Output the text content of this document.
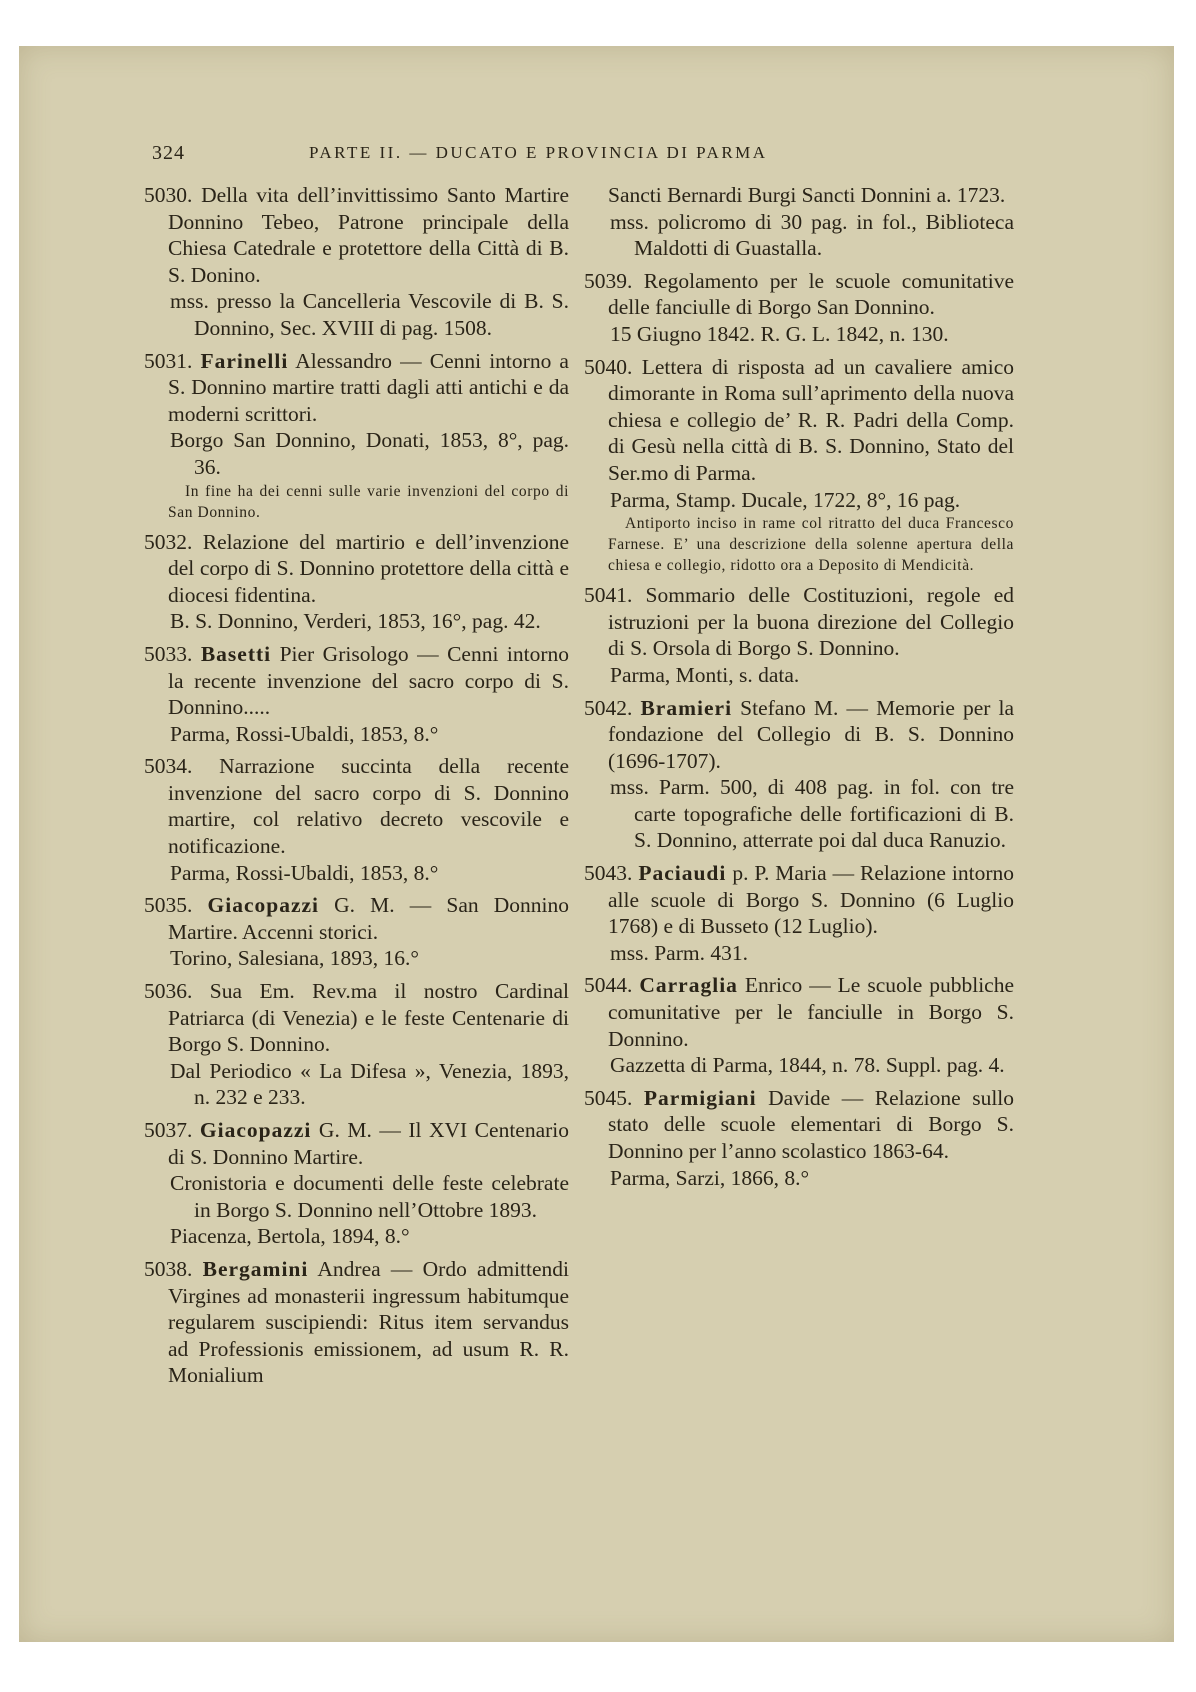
324	PARTE II. — DUCATO E PROVINCIA DI PARMA
5030. Della vita dell’invittissimo Santo Martire Donnino Tebeo, Patrone principale della Chiesa Catedrale e protettore della Città di B. S. Donino.
mss. presso la Cancelleria Vescovile di B. S. Donnino, Sec. XVIII di pag. 1508.
5031. Farinelli Alessandro — Cenni intorno a S. Donnino martire tratti dagli atti antichi e da moderni scrittori.
Borgo San Donnino, Donati, 1853, 8°, pag. 36.
In fine ha dei cenni sulle varie invenzioni del corpo di San Donnino.
5032. Relazione del martirio e dell’invenzione del corpo di S. Donnino protettore della città e diocesi fidentina.
B. S. Donnino, Verderi, 1853, 16°, pag. 42.
5033. Basetti Pier Grisologo — Cenni intorno la recente invenzione del sacro corpo di S. Donnino.....
Parma, Rossi-Ubaldi, 1853, 8.°
5034. Narrazione succinta della recente invenzione del sacro corpo di S. Donnino martire, col relativo decreto vescovile e notificazione.
Parma, Rossi-Ubaldi, 1853, 8.°
5035. Giacopazzi G. M. — San Donnino Martire. Accenni storici.
Torino, Salesiana, 1893, 16.°
5036. Sua Em. Rev.ma il nostro Cardinal Patriarca (di Venezia) e le feste Centenarie di Borgo S. Donnino.
Dal Periodico « La Difesa », Venezia, 1893, n. 232 e 233.
5037. Giacopazzi G. M. — Il XVI Centenario di S. Donnino Martire.
Cronistoria e documenti delle feste celebrate in Borgo S. Donnino nell’Ottobre 1893.
Piacenza, Bertola, 1894, 8.°
5038. Bergamini Andrea — Ordo admittendi Virgines ad monasterii ingressum habitumque regularem suscipiendi: Ritus item servandus ad Professionis emissionem, ad usum R. R. Monialium
Sancti Bernardi Burgi Sancti Donnini a. 1723.
mss. policromo di 30 pag. in fol., Biblioteca Maldotti di Guastalla.
5039. Regolamento per le scuole comunitative delle fanciulle di Borgo San Donnino.
15 Giugno 1842. R. G. L. 1842, n. 130.
5040. Lettera di risposta ad un cavaliere amico dimorante in Roma sull’aprimento della nuova chiesa e collegio de’ R. R. Padri della Comp. di Gesù nella città di B. S. Donnino, Stato del Ser.mo di Parma.
Parma, Stamp. Ducale, 1722, 8°, 16 pag.
Antiporto inciso in rame col ritratto del duca Francesco Farnese. E’ una descrizione della solenne apertura della chiesa e collegio, ridotto ora a Deposito di Mendicità.
5041. Sommario delle Costituzioni, regole ed istruzioni per la buona direzione del Collegio di S. Orsola di Borgo S. Donnino.
Parma, Monti, s. data.
5042. Bramieri Stefano M. — Memorie per la fondazione del Collegio di B. S. Donnino (1696-1707).
mss. Parm. 500, di 408 pag. in fol. con tre carte topografiche delle fortificazioni di B. S. Donnino, atterrate poi dal duca Ranuzio.
5043. Paciaudi p. P. Maria — Relazione intorno alle scuole di Borgo S. Donnino (6 Luglio 1768) e di Busseto (12 Luglio).
mss. Parm. 431.
5044. Carraglia Enrico — Le scuole pubbliche comunitative per le fanciulle in Borgo S. Donnino.
Gazzetta di Parma, 1844, n. 78. Suppl. pag. 4.
5045. Parmigiani Davide — Relazione sullo stato delle scuole elementari di Borgo S. Donnino per l’anno scolastico 1863-64.
Parma, Sarzi, 1866, 8.°
